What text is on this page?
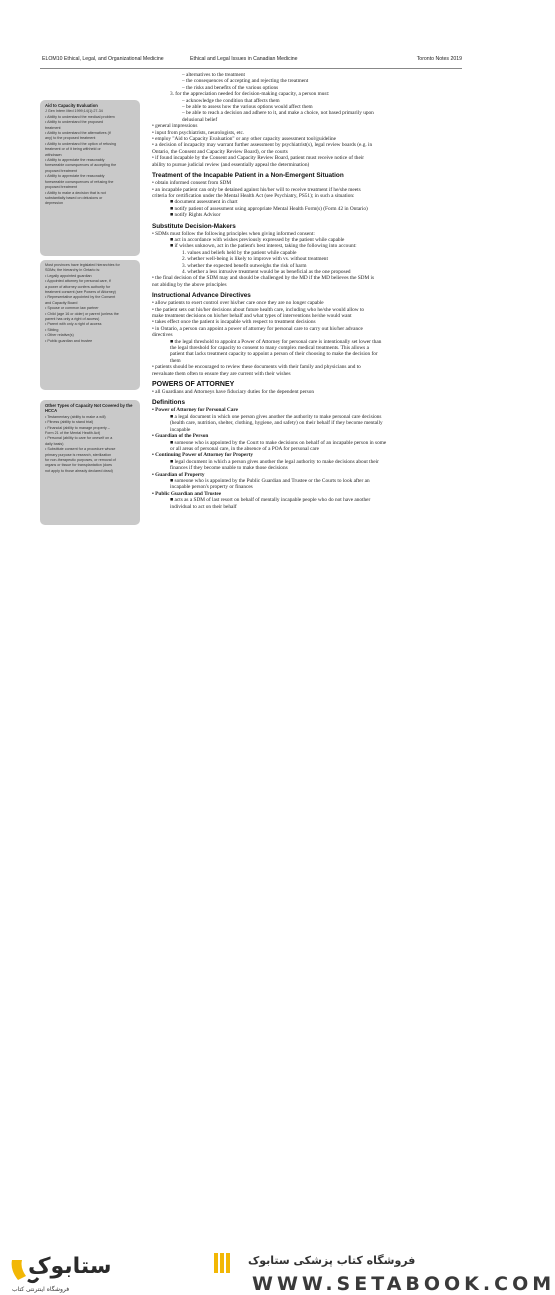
ELOM10 Ethical, Legal, and Organizational Medicine	Ethical and Legal Issues in Canadian Medicine	Toronto Notes 2019
Aid to Capacity Evaluation
J Gen Intern Med 1999;14(1):27-34
• Ability to understand the medical problem
• Ability to understand the proposed
treatment
• Ability to understand the alternatives (if
any) to the proposed treatment
• Ability to understand the option of refusing
treatment or of it being withheld or
withdrawn
• Ability to appreciate the reasonably
foreseeable consequences of accepting the
proposed treatment
• Ability to appreciate the reasonably
foreseeable consequences of refusing the
proposed treatment
• Ability to make a decision that is not
substantially based on delusions or
depression
Most provinces have legislated hierarchies for
SDMs; the hierarchy in Ontario is:
• Legally appointed guardian
• Appointed attorney for personal care, if
a power of attorney confers authority for
treatment consent (see Powers of Attorney)
• Representative appointed by the Consent
and Capacity Board
• Spouse or common law partner
• Child (age 16 or older) or parent (unless the
parent has only a right of access)
• Parent with only a right of access
• Sibling
• Other relative(s)
• Public guardian and trustee
Other Types of Capacity Not Covered by the HCCA
• Testamentary (ability to make a will)
• Fitness (ability to stand trial)
• Financial (ability to manage property –
Form 21 of the Mental Health Act)
• Personal (ability to care for oneself on a
daily basis)
• Substitute consent for a procedure whose
primary purpose is research, sterilization
for non-therapeutic purposes, or removal of
organs or tissue for transplantation (does
not apply to those already declared dead)
– alternatives to the treatment
– the consequences of accepting and rejecting the treatment
– the risks and benefits of the various options
3. for the appreciation needed for decision-making capacity, a person must:
– acknowledge the condition that affects them
– be able to assess how the various options would affect them
– be able to reach a decision and adhere to it, and make a choice, not based primarily upon
delusional belief
• general impressions
• input from psychiatrists, neurologists, etc.
• employ "Aid to Capacity Evaluation" or any other capacity assessment tool/guideline
• a decision of incapacity may warrant further assessment by psychiatrist(s), legal review boards (e.g. in
Ontario, the Consent and Capacity Review Board), or the courts
• if found incapable by the Consent and Capacity Review Board, patient must receive notice of their
ability to pursue judicial review (and essentially appeal the determination)
Treatment of the Incapable Patient in a Non-Emergent Situation
• obtain informed consent from SDM
• an incapable patient can only be detained against his/her will to receive treatment if he/she meets
criteria for certification under the Mental Health Act (see Psychiatry, PS51); in such a situation:
■ document assessment in chart
■ notify patient of assessment using appropriate Mental Health Form(s) (Form 42 in Ontario)
■ notify Rights Advisor
Substitute Decision-Makers
• SDMs must follow the following principles when giving informed consent:
■ act in accordance with wishes previously expressed by the patient while capable
■ if wishes unknown, act in the patient's best interest, taking the following into account:
1. values and beliefs held by the patient while capable
2. whether well-being is likely to improve with vs. without treatment
3. whether the expected benefit outweighs the risk of harm
4. whether a less intrusive treatment would be as beneficial as the one proposed
• the final decision of the SDM may and should be challenged by the MD if the MD believes the SDM is
not abiding by the above principles
Instructional Advance Directives
• allow patients to exert control over his/her care once they are no longer capable
• the patient sets out his/her decisions about future health care, including who he/she would allow to
make treatment decisions on his/her behalf and what types of interventions he/she would want
• takes effect once the patient is incapable with respect to treatment decisions
• in Ontario, a person can appoint a power of attorney for personal care to carry out his/her advance
directives
■ the legal threshold to appoint a Power of Attorney for personal care is intentionally set lower than
the legal threshold for capacity to consent to many complex medical treatments. This allows a
patient that lacks treatment capacity to appoint a person of their choosing to make the decision for
them
• patients should be encouraged to review these documents with their family and physicians and to
reevaluate them often to ensure they are current with their wishes
POWERS OF ATTORNEY
• all Guardians and Attorneys have fiduciary duties for the dependent person
Definitions
• Power of Attorney for Personal Care
■ a legal document in which one person gives another the authority to make personal care decisions
(health care, nutrition, shelter, clothing, hygiene, and safety) on their behalf if they become mentally
incapable
• Guardian of the Person
■ someone who is appointed by the Court to make decisions on behalf of an incapable person in some
or all areas of personal care, in the absence of a POA for personal care
• Continuing Power of Attorney for Property
■ legal document in which a person gives another the legal authority to make decisions about their
finances if they become unable to make those decisions
• Guardian of Property
■ someone who is appointed by the Public Guardian and Trustee or the Courts to look after an
incapable person's property or finances
• Public Guardian and Trustee
■ acts as a SDM of last resort on behalf of mentally incapable people who do not have another
individual to act on their behalf
ستابوک
فروشگاه اینترنتی کتاب
فروشگاه کتاب پزشکی ستابوک
WWW.SETABOOK.COM
